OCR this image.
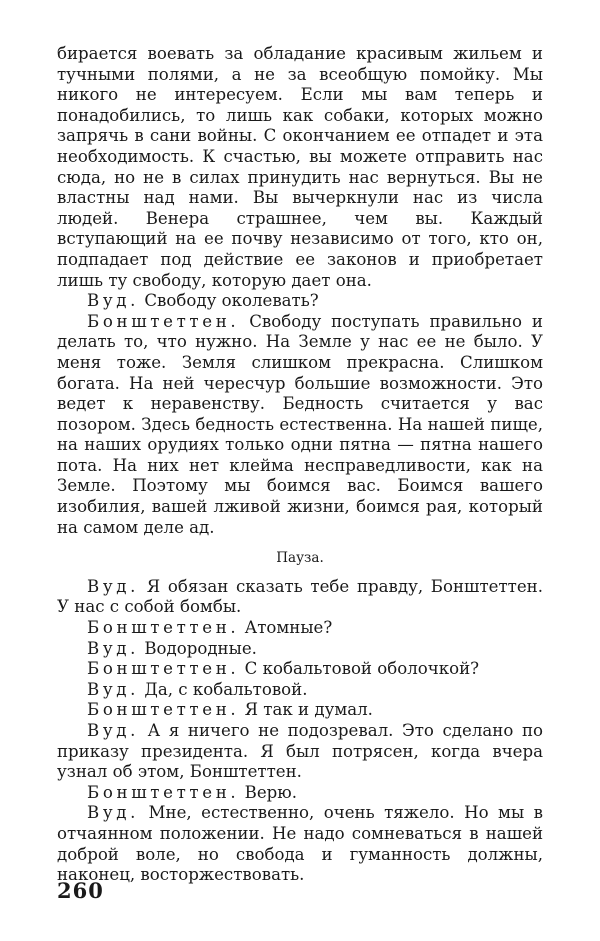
бирается воевать за обладание красивым жильем и тучными полями, а не за всеобщую помойку. Мы никого не интересуем. Если мы вам теперь и понадобились, то лишь как собаки, которых можно запрячь в сани войны. С окончанием ее отпадет и эта необходимость. К счастью, вы можете отправить нас сюда, но не в силах принудить нас вернуться. Вы не властны над нами. Вы вычеркнули нас из числа людей. Венера страшнее, чем вы. Каждый вступающий на ее почву независимо от того, кто он, подпадает под действие ее законов и приобретает лишь ту свободу, которую дает она.

Вуд. Свободу околевать?

Бонштеттен. Свободу поступать правильно и делать то, что нужно. На Земле у нас ее не было. У меня тоже. Земля слишком прекрасна. Слишком богата. На ней чересчур большие возможности. Это ведет к неравенству. Бедность считается у вас позором. Здесь бедность естественна. На нашей пище, на наших орудиях только одни пятна — пятна нашего пота. На них нет клейма несправедливости, как на Земле. Поэтому мы боимся вас. Боимся вашего изобилия, вашей лживой жизни, боимся рая, который на самом деле ад.

Пауза.

Вуд. Я обязан сказать тебе правду, Бонштеттен. У нас с собой бомбы.

Бонштеттен. Атомные?

Вуд. Водородные.

Бонштеттен. С кобальтовой оболочкой?

Вуд. Да, с кобальтовой.

Бонштеттен. Я так и думал.

Вуд. А я ничего не подозревал. Это сделано по приказу президента. Я был потрясен, когда вчера узнал об этом, Бонштеттен.

Бонштеттен. Верю.

Вуд. Мне, естественно, очень тяжело. Но мы в отчаянном положении. Не надо сомневаться в нашей доброй воле, но свобода и гуманность должны, наконец, восторжествовать.

260
